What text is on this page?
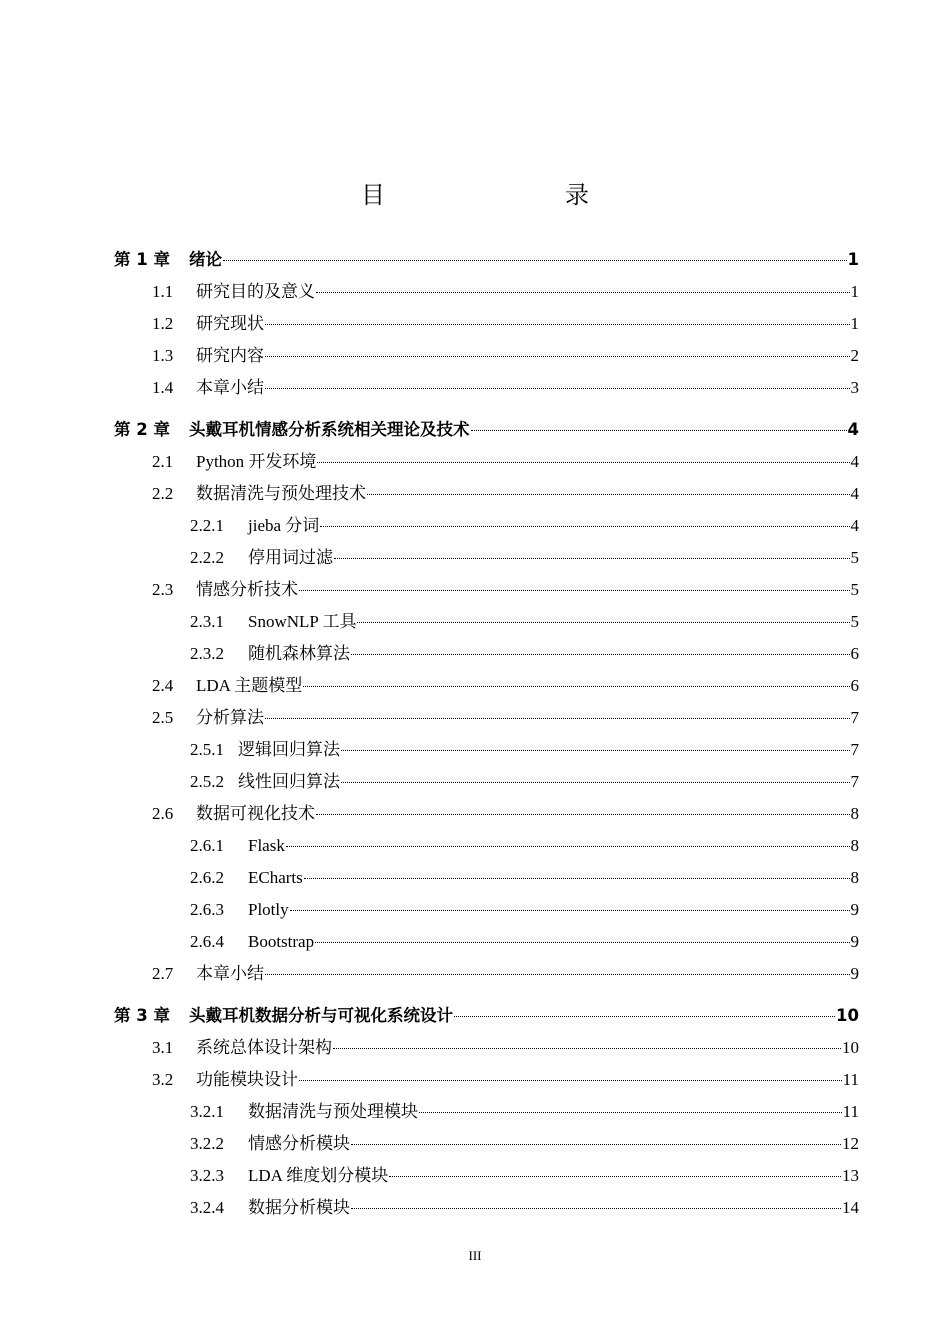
目　　录
第 1 章	绪论	1
1.1	研究目的及意义	1
1.2	研究现状	1
1.3	研究内容	2
1.4	本章小结	3
第 2 章	头戴耳机情感分析系统相关理论及技术	4
2.1	Python 开发环境	4
2.2	数据清洗与预处理技术	4
2.2.1	jieba 分词	4
2.2.2	停用词过滤	5
2.3	情感分析技术	5
2.3.1	SnowNLP 工具	5
2.3.2	随机森林算法	6
2.4	LDA 主题模型	6
2.5	分析算法	7
2.5.1 逻辑回归算法	7
2.5.2 线性回归算法	7
2.6	数据可视化技术	8
2.6.1	Flask	8
2.6.2	ECharts	8
2.6.3	Plotly	9
2.6.4	Bootstrap	9
2.7	本章小结	9
第 3 章	头戴耳机数据分析与可视化系统设计	10
3.1	系统总体设计架构	10
3.2	功能模块设计	11
3.2.1	数据清洗与预处理模块	11
3.2.2	情感分析模块	12
3.2.3	LDA 维度划分模块	13
3.2.4	数据分析模块	14
III
